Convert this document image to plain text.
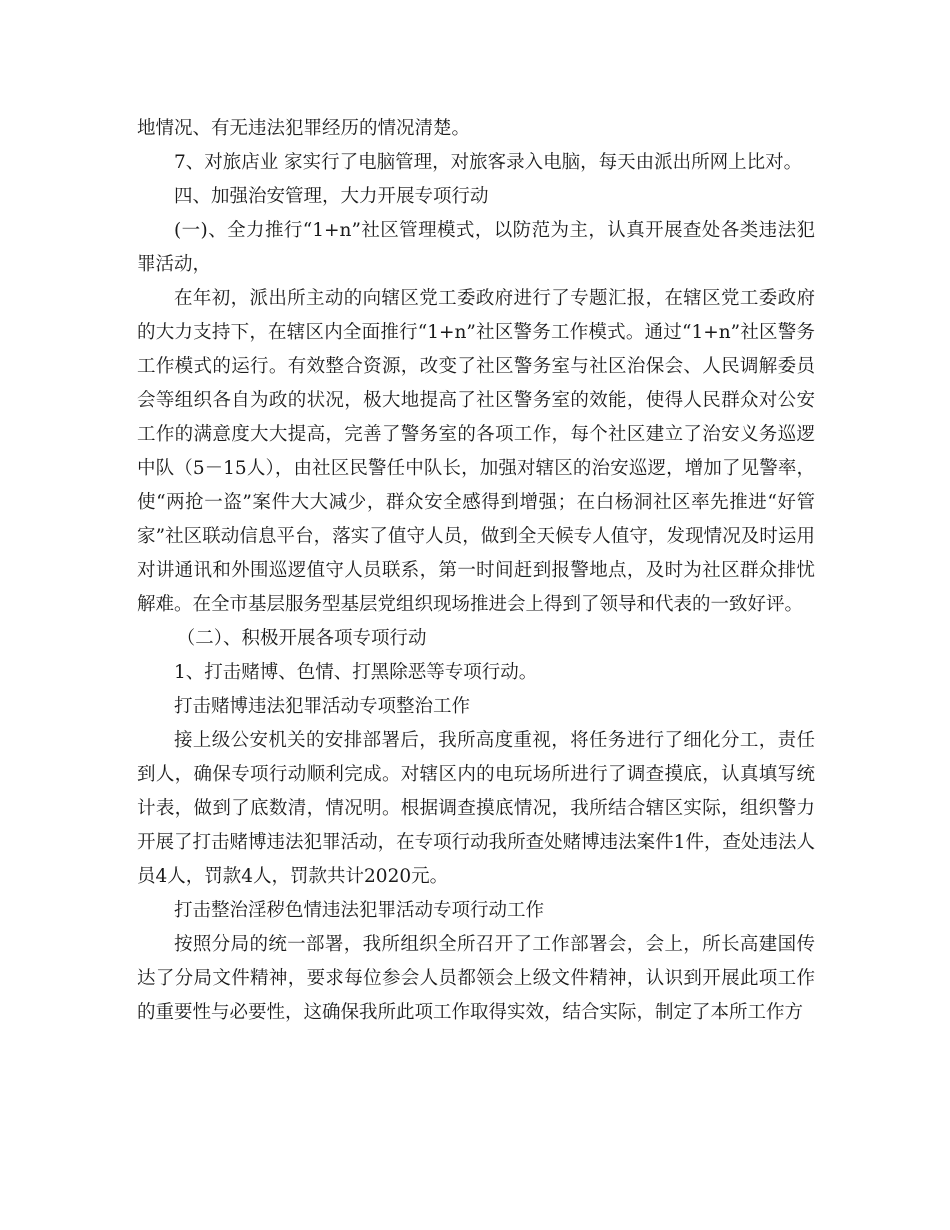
地情况、有无违法犯罪经历的情况清楚。

7、对旅店业 家实行了电脑管理，对旅客录入电脑，每天由派出所网上比对。

四、加强治安管理，大力开展专项行动

(一)、全力推行“1+n”社区管理模式，以防范为主，认真开展查处各类违法犯罪活动，

在年初，派出所主动的向辖区党工委政府进行了专题汇报，在辖区党工委政府的大力支持下，在辖区内全面推行“1+n”社区警务工作模式。通过“1+n”社区警务工作模式的运行。有效整合资源，改变了社区警务室与社区治保会、人民调解委员会等组织各自为政的状况，极大地提高了社区警务室的效能，使得人民群众对公安工作的满意度大大提高，完善了警务室的各项工作，每个社区建立了治安义务巡逻中队（5－15人），由社区民警任中队长，加强对辖区的治安巡逻，增加了见警率，使“两抢一盗”案件大大减少，群众安全感得到增强；在白杨洞社区率先推进“好管家”社区联动信息平台，落实了值守人员，做到全天候专人值守，发现情况及时运用对讲通讯和外围巡逻值守人员联系，第一时间赶到报警地点，及时为社区群众排忧解难。在全市基层服务型基层党组织现场推进会上得到了领导和代表的一致好评。

（二）、积极开展各项专项行动

1、打击赌博、色情、打黑除恶等专项行动。

打击赌博违法犯罪活动专项整治工作

接上级公安机关的安排部署后，我所高度重视，将任务进行了细化分工，责任到人，确保专项行动顺利完成。对辖区内的电玩场所进行了调查摸底，认真填写统计表，做到了底数清，情况明。根据调查摸底情况，我所结合辖区实际，组织警力开展了打击赌博违法犯罪活动，在专项行动我所查处赌博违法案件1件，查处违法人员4人，罚款4人，罚款共计2020元。

打击整治淫秽色情违法犯罪活动专项行动工作

按照分局的统一部署，我所组织全所召开了工作部署会，会上，所长高建国传达了分局文件精神，要求每位参会人员都领会上级文件精神，认识到开展此项工作的重要性与必要性，这确保我所此项工作取得实效，结合实际，制定了本所工作方
